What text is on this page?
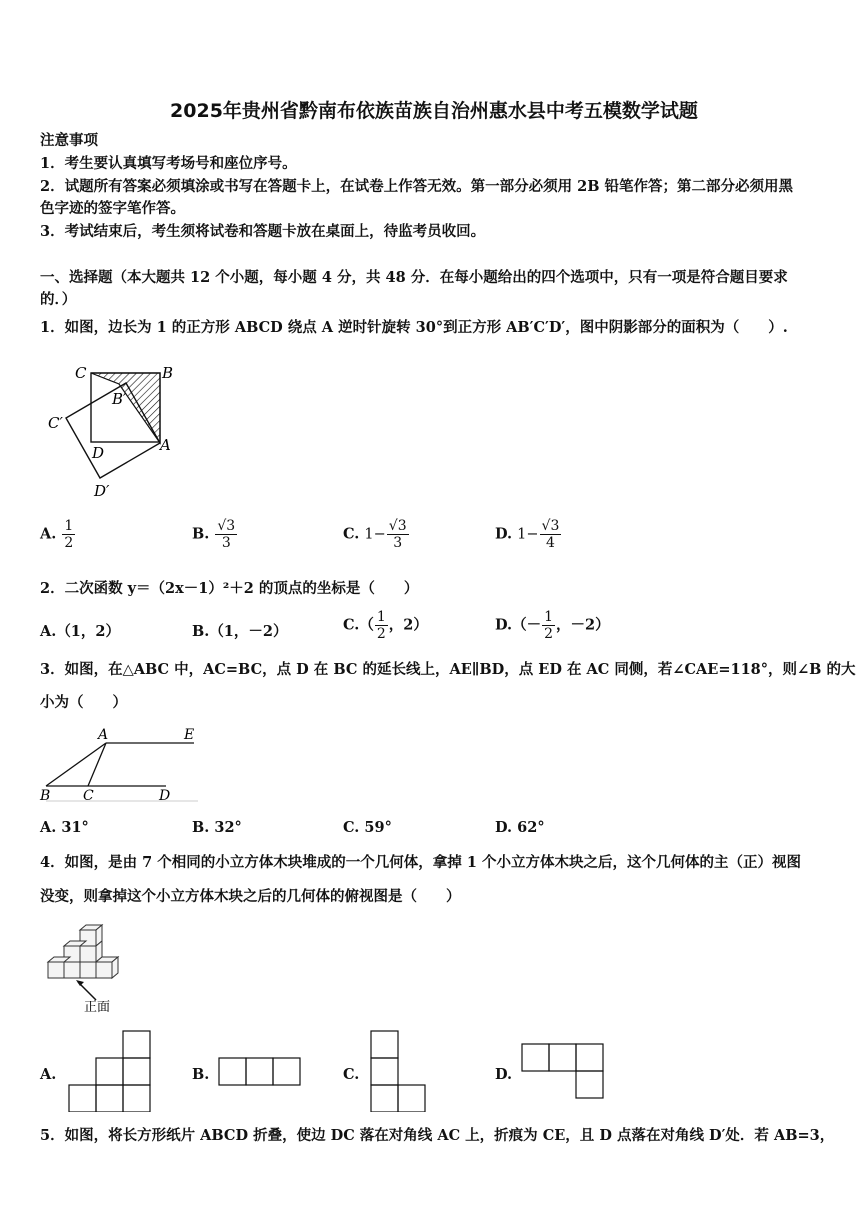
2025年贵州省黔南布依族苗族自治州惠水县中考五模数学试题
注意事项
1．考生要认真填写考场号和座位序号。
2．试题所有答案必须填涂或书写在答题卡上，在试卷上作答无效。第一部分必须用 2B 铅笔作答；第二部分必须用黑
色字迹的签字笔作答。
3．考试结束后，考生须将试卷和答题卡放在桌面上，待监考员收回。
一、选择题（本大题共 12 个小题，每小题 4 分，共 48 分．在每小题给出的四个选项中，只有一项是符合题目要求
的．）
1．如图，边长为 1 的正方形 ABCD 绕点 A 逆时针旋转 30°到正方形 AB′C′D′，图中阴影部分的面积为（　　）.
C	B
B′
C′
D	A
D′
A. $\frac{1}{2}$	B. $\frac{√3}{3}$	C. $1- \frac{√3}{3}$	D. $1- \frac{√3}{4}$
2．二次函数 y＝（2x－1）²＋2 的顶点的坐标是（　　）
A.（1，2）	B.（1，－2）	$C.( \frac{1}{2}$ ，2）	$D.(- \frac{1}{2}$ ，－2）
3．如图，在△ABC 中，AC=BC，点 D 在 BC 的延长线上，AE∥BD，点 ED 在 AC 同侧，若∠CAE=118°，则∠B 的大
小为（　　）
A	E
B C	D
A. 31°	B. 32°	C. 59°	D. 62°
4．如图，是由 7 个相同的小立方体木块堆成的一个几何体，拿掉 1 个小立方体木块之后，这个几何体的主（正）视图
没变，则拿掉这个小立方体木块之后的几何体的俯视图是（　　）
正面
A.	B.	C.	D.
5．如图，将长方形纸片 ABCD 折叠，使边 DC 落在对角线 AC 上，折痕为 CE，且 D 点落在对角线 D′处．若 AB=3，
